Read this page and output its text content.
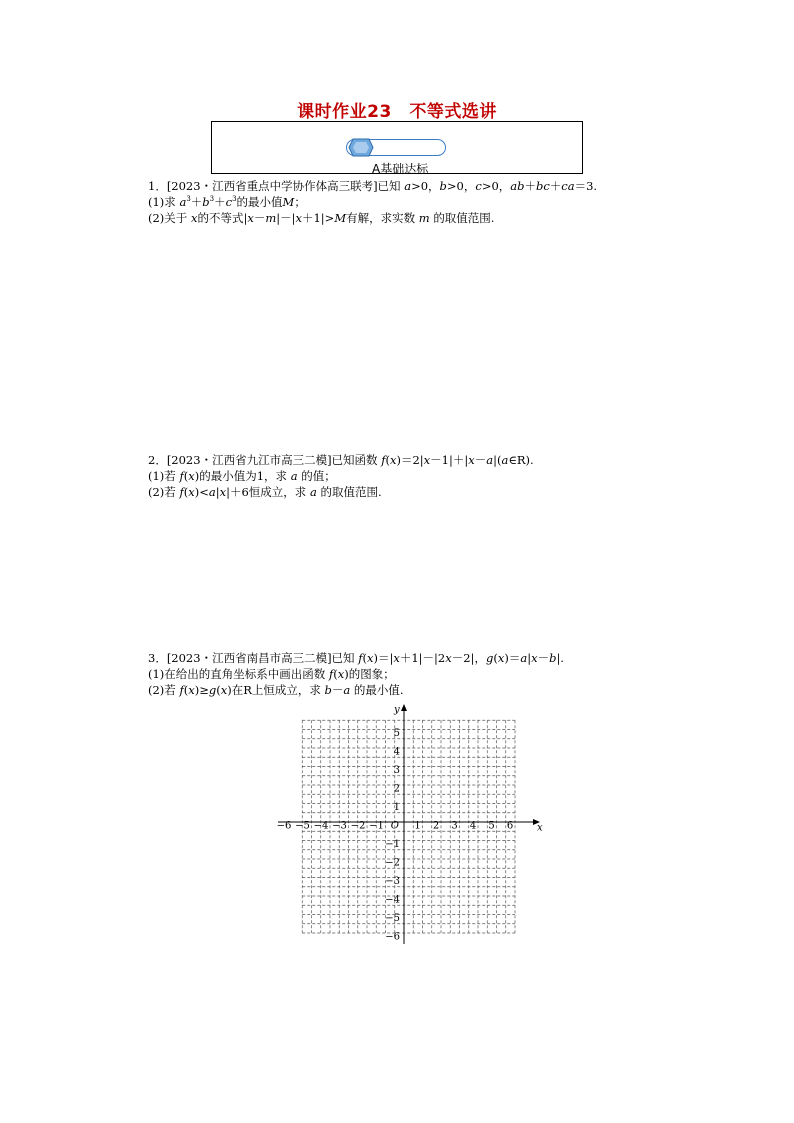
课时作业23　不等式选讲
A基础达标
1．[2023・江西省重点中学协作体高三联考]已知 a>0，b>0，c>0，ab＋bc＋ca＝3.
(1)求 $a^3+b^3+c^3$的最小值M；
(2)关于 x的不等式|x－m|－|x＋1|>M有解，求实数 m 的取值范围.
2．[2023・江西省九江市高三二模]已知函数 f(x)＝2|x－1|＋|x－a|(a∈R).
(1)若 f(x)的最小值为1，求 a 的值；
(2)若 f(x)<a|x|＋6恒成立，求 a 的取值范围.
3．[2023・江西省南昌市高三二模]已知 f(x)＝|x＋1|－|2x－2|，g(x)＝a|x－b|.
(1)在给出的直角坐标系中画出函数 f(x)的图象；
(2)若 f(x)≥g(x)在R上恒成立，求 b－a 的最小值.
−6 −5 −4 −3 −2 −1	1 2 3 4 5 6
5
4
3
2
1
−1
−2
−3
−4
−5
−6
O	x
y
